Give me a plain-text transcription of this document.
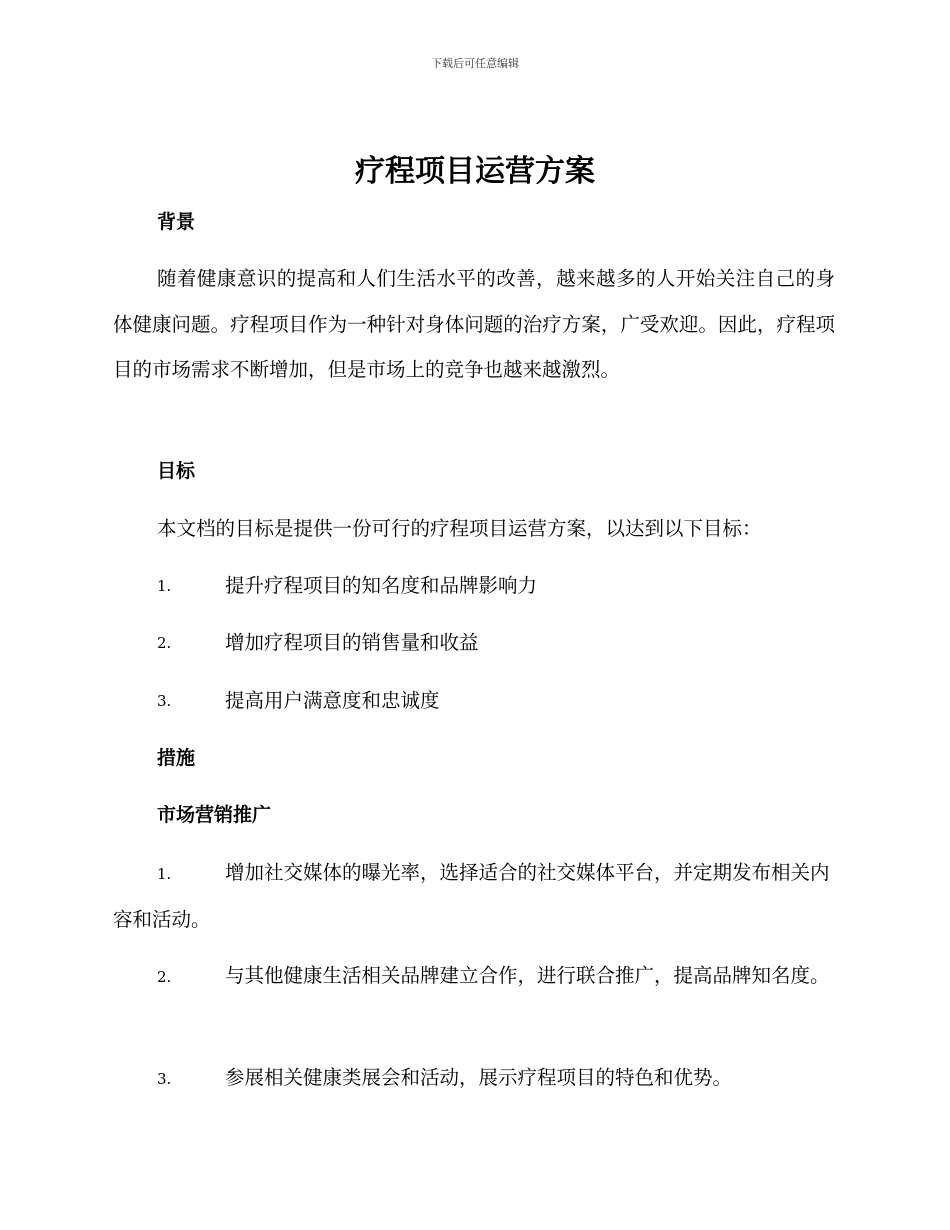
下载后可任意编辑
疗程项目运营方案
背景

随着健康意识的提高和人们生活水平的改善，越来越多的人开始关注自己的身体健康问题。疗程项目作为一种针对身体问题的治疗方案，广受欢迎。因此，疗程项目的市场需求不断增加，但是市场上的竞争也越来越激烈。

目标

本文档的目标是提供一份可行的疗程项目运营方案，以达到以下目标：

1.	提升疗程项目的知名度和品牌影响力
2.	增加疗程项目的销售量和收益
3.	提高用户满意度和忠诚度
措施
市场营销推广

1.	增加社交媒体的曝光率，选择适合的社交媒体平台，并定期发布相关内容和活动。

2.	与其他健康生活相关品牌建立合作，进行联合推广，提高品牌知名度。

3.	参展相关健康类展会和活动，展示疗程项目的特色和优势。
